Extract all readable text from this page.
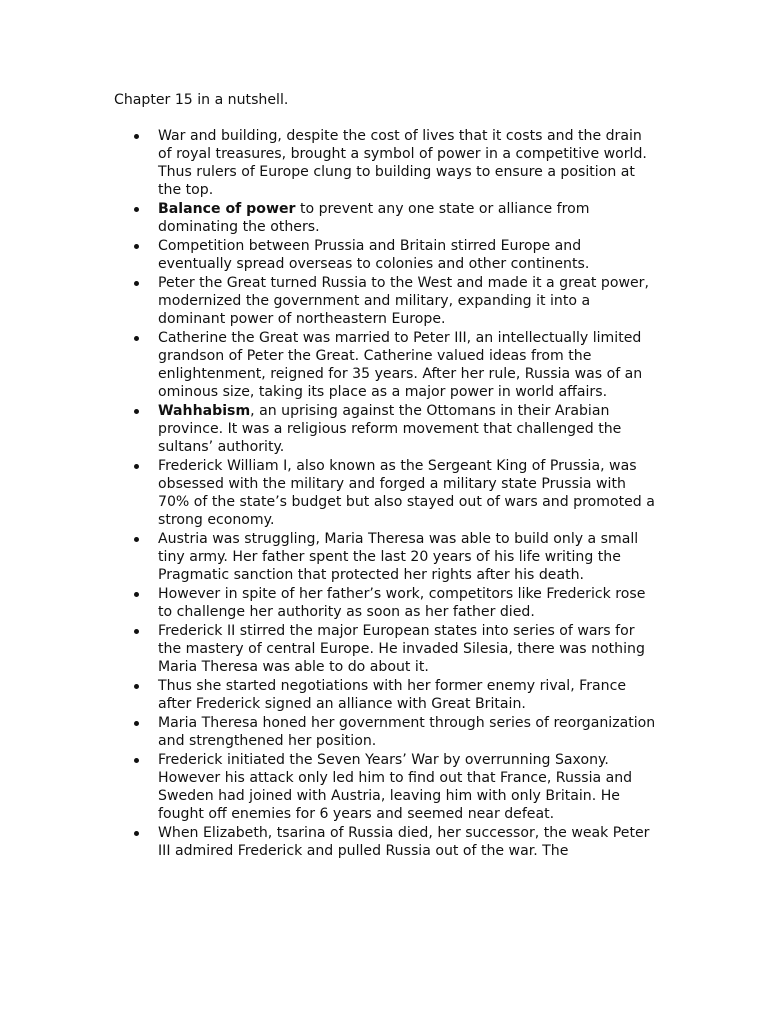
Chapter 15 in a nutshell.

War and building, despite the cost of lives that it costs and the drain of royal treasures, brought a symbol of power in a competitive world. Thus rulers of Europe clung to building ways to ensure a position at the top.
Balance of power to prevent any one state or alliance from dominating the others.
Competition between Prussia and Britain stirred Europe and eventually spread overseas to colonies and other continents.
Peter the Great turned Russia to the West and made it a great power, modernized the government and military, expanding it into a dominant power of northeastern Europe.
Catherine the Great was married to Peter III, an intellectually limited grandson of Peter the Great. Catherine valued ideas from the enlightenment, reigned for 35 years. After her rule, Russia was of an ominous size, taking its place as a major power in world affairs.
Wahhabism, an uprising against the Ottomans in their Arabian province. It was a religious reform movement that challenged the sultans’ authority.
Frederick William I, also known as the Sergeant King of Prussia, was obsessed with the military and forged a military state Prussia with 70% of the state’s budget but also stayed out of wars and promoted a strong economy.
Austria was struggling, Maria Theresa was able to build only a small tiny army. Her father spent the last 20 years of his life writing the Pragmatic sanction that protected her rights after his death.
However in spite of her father’s work, competitors like Frederick rose to challenge her authority as soon as her father died.
Frederick II stirred the major European states into series of wars for the mastery of central Europe. He invaded Silesia, there was nothing Maria Theresa was able to do about it.
Thus she started negotiations with her former enemy rival, France after Frederick signed an alliance with Great Britain.
Maria Theresa honed her government through series of reorganization and strengthened her position.
Frederick initiated the Seven Years’ War by overrunning Saxony. However his attack only led him to find out that France, Russia and Sweden had joined with Austria, leaving him with only Britain. He fought off enemies for 6 years and seemed near defeat.
When Elizabeth, tsarina of Russia died, her successor, the weak Peter III admired Frederick and pulled Russia out of the war. The
